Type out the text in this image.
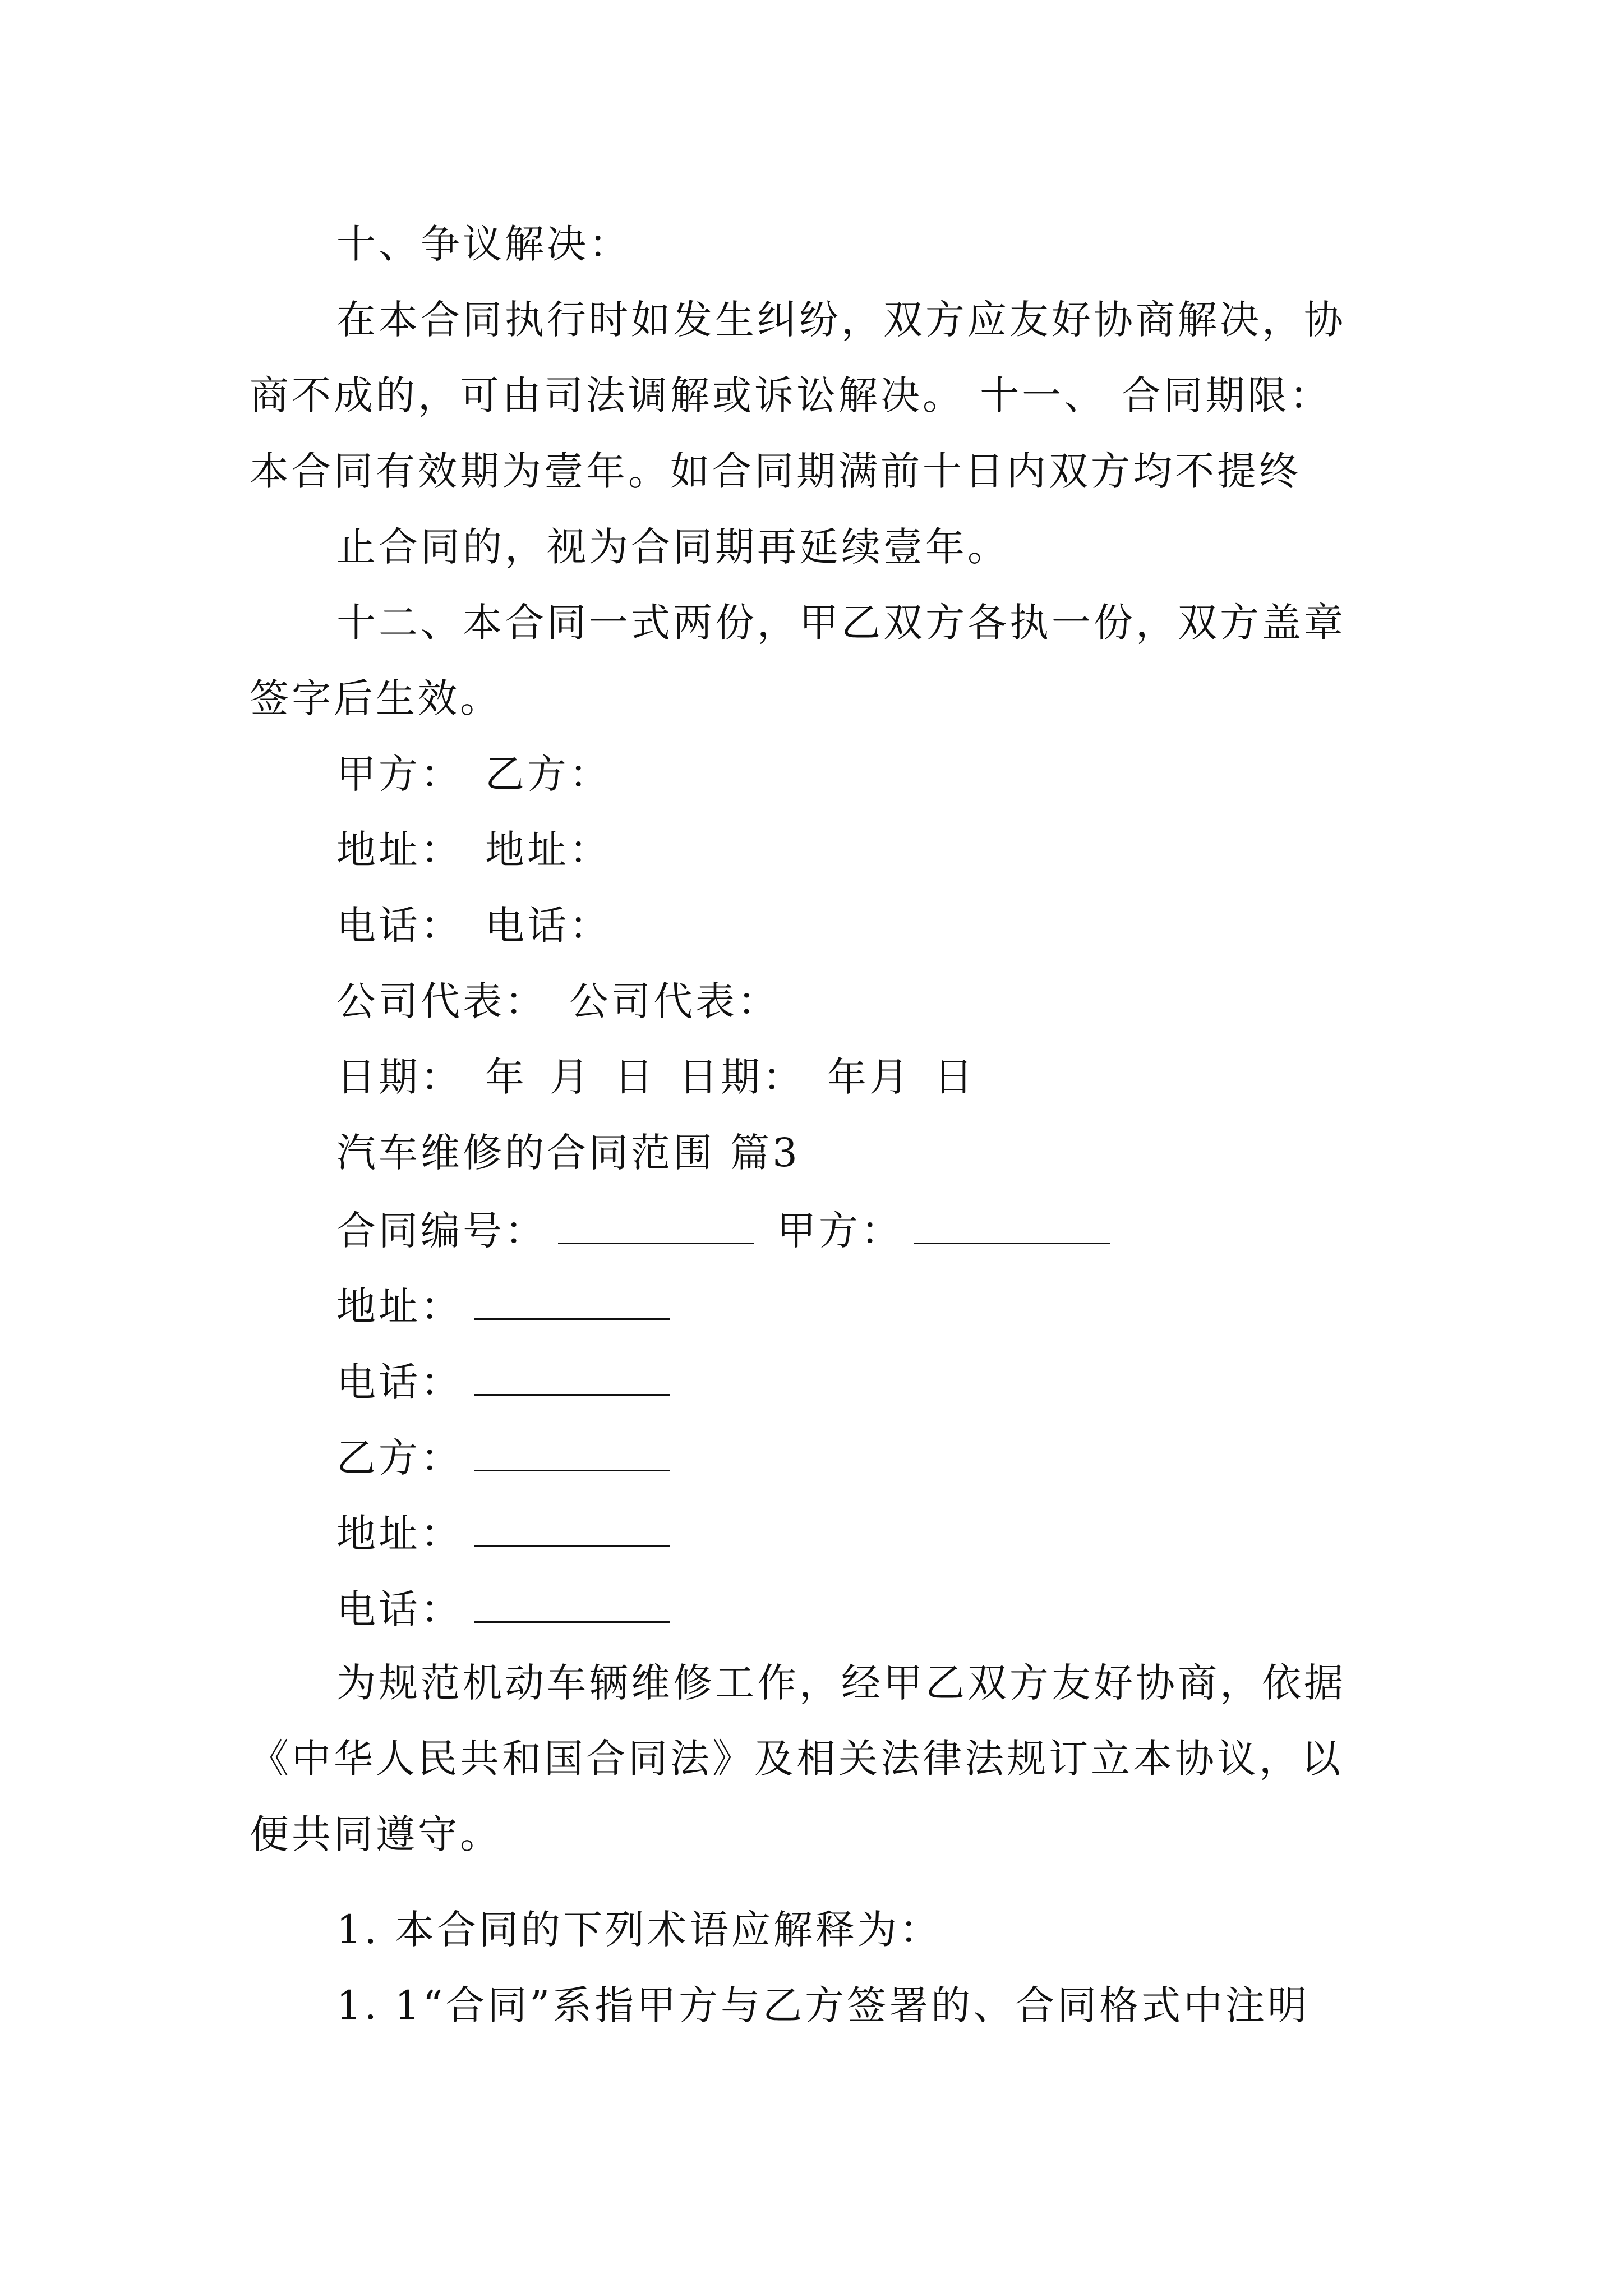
十、争议解决：
在本合同执行时如发生纠纷，双方应友好协商解决，协
商不成的，可由司法调解或诉讼解决。 十一、 合同期限：
本合同有效期为壹年。如合同期满前十日内双方均不提终
止合同的，视为合同期再延续壹年。
十二、本合同一式两份，甲乙双方各执一份，双方盖章
签字后生效。
甲方： 乙方：
地址： 地址：
电话： 电话：
公司代表： 公司代表：
日期： 年 月 日 日期： 年月 日
汽车维修的合同范围 篇3
合同编号：	甲方：
地址：
电话：
乙方：
地址：
电话：
为规范机动车辆维修工作，经甲乙双方友好协商，依据
《中华人民共和国合同法》及相关法律法规订立本协议，以
便共同遵守。
1. 本合同的下列术语应解释为：
1. 1“合同”系指甲方与乙方签署的、合同格式中注明
